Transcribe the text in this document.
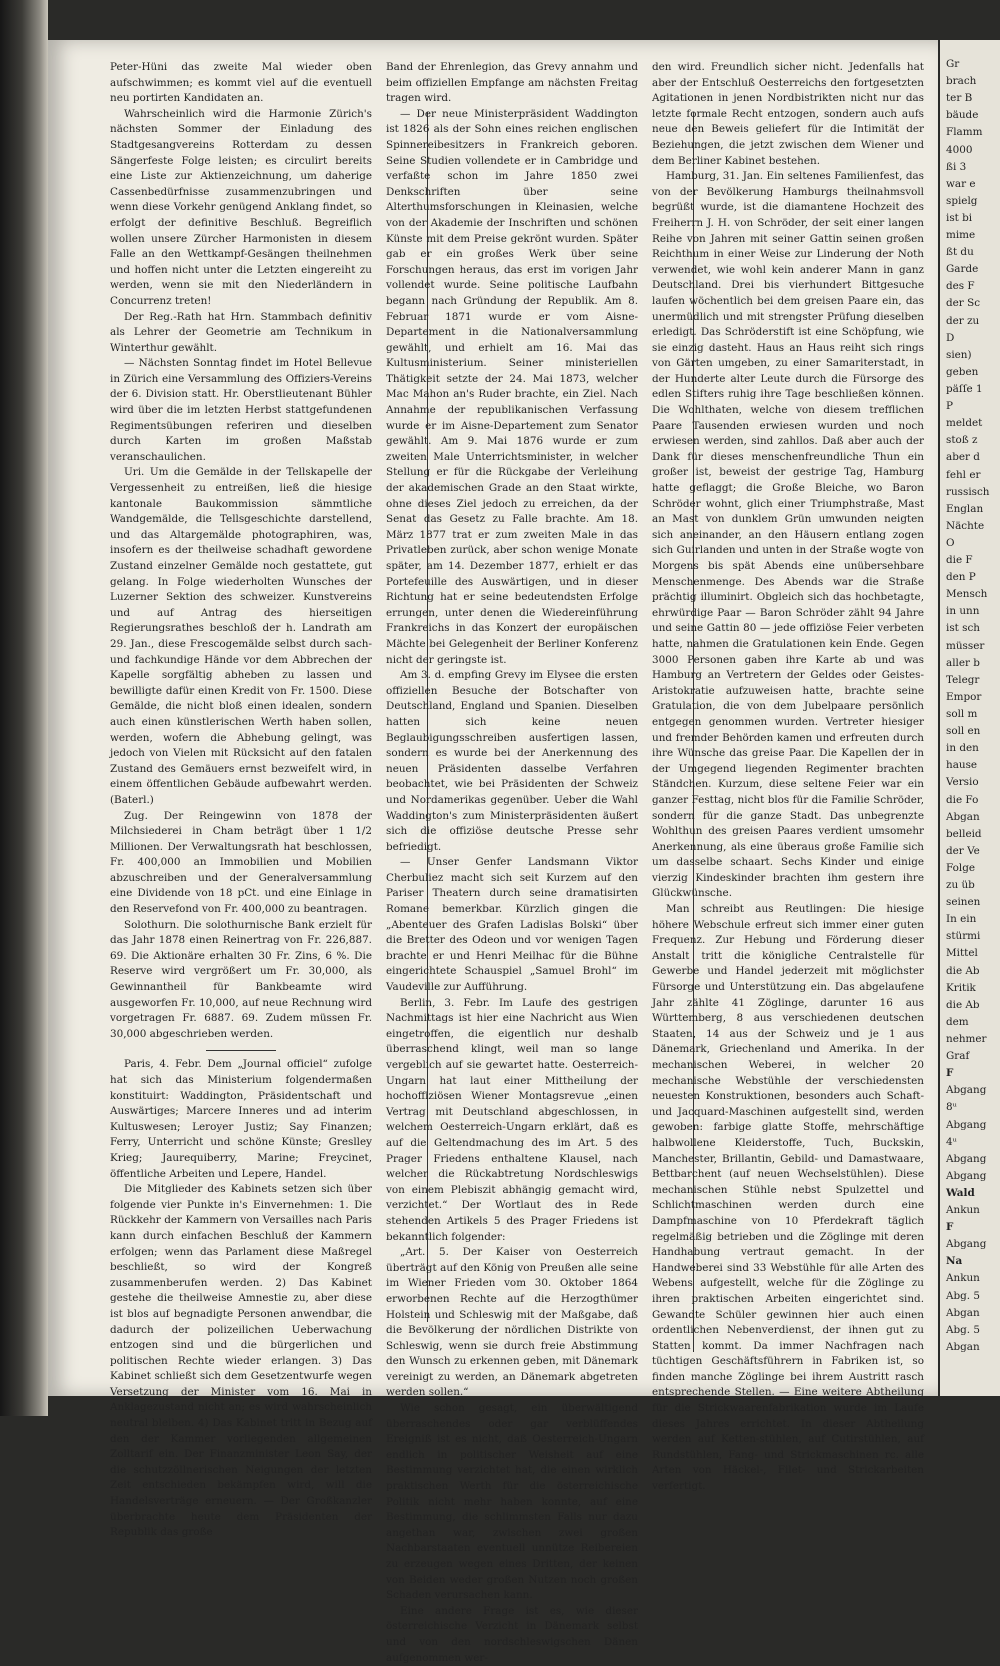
Peter-Hüni das zweite Mal wieder oben aufschwimmen; es kommt viel auf die eventuell neu portirten Kandidaten an.

Wahrscheinlich wird die Harmonie Zürich's nächsten Sommer der Einladung des Stadtgesangvereins Rotterdam zu dessen Sängerfeste Folge leisten; es circulirt bereits eine Liste zur Aktienzeichnung, um daherige Cassenbedürfnisse zusammenzubringen und wenn diese Vorkehr genügend Anklang findet, so erfolgt der definitive Beschluß. Begreiflich wollen unsere Zürcher Harmonisten in diesem Falle an den Wettkampf-Gesängen theilnehmen und hoffen nicht unter die Letzten eingereiht zu werden, wenn sie mit den Niederländern in Concurrenz treten!

Der Reg.-Rath hat Hrn. Stammbach definitiv als Lehrer der Geometrie am Technikum in Winterthur gewählt.

— Nächsten Sonntag findet im Hotel Bellevue in Zürich eine Versammlung des Offiziers-Vereins der 6. Division statt. Hr. Oberstlieutenant Bühler wird über die im letzten Herbst stattgefundenen Regimentsübungen referiren und dieselben durch Karten im großen Maßstab veranschaulichen.

Uri. Um die Gemälde in der Tellskapelle der Vergessenheit zu entreißen, ließ die hiesige kantonale Baukommission sämmtliche Wandgemälde, die Tellsgeschichte darstellend, und das Altargemälde photographiren, was, insofern es der theilweise schadhaft gewordene Zustand einzelner Gemälde noch gestattete, gut gelang. In Folge wiederholten Wunsches der Luzerner Sektion des schweizer. Kunstvereins und auf Antrag des hierseitigen Regierungsrathes beschloß der h. Landrath am 29. Jan., diese Frescogemälde selbst durch sach- und fachkundige Hände vor dem Abbrechen der Kapelle sorgfältig abheben zu lassen und bewilligte dafür einen Kredit von Fr. 1500. Diese Gemälde, die nicht bloß einen idealen, sondern auch einen künstlerischen Werth haben sollen, werden, wofern die Abhebung gelingt, was jedoch von Vielen mit Rücksicht auf den fatalen Zustand des Gemäuers ernst bezweifelt wird, in einem öffentlichen Gebäude aufbewahrt werden. (Baterl.)

Zug. Der Reingewinn von 1878 der Milchsiederei in Cham beträgt über 1 1/2 Millionen. Der Verwaltungsrath hat beschlossen, Fr. 400,000 an Immobilien und Mobilien abzuschreiben und der Generalversammlung eine Dividende von 18 pCt. und eine Einlage in den Reservefond von Fr. 400,000 zu beantragen.

Solothurn. Die solothurnische Bank erzielt für das Jahr 1878 einen Reinertrag von Fr. 226,887. 69. Die Aktionäre erhalten 30 Fr. Zins, 6 %. Die Reserve wird vergrößert um Fr. 30,000, als Gewinnantheil für Bankbeamte wird ausgeworfen Fr. 10,000, auf neue Rechnung wird vorgetragen Fr. 6887. 69. Zudem müssen Fr. 30,000 abgeschrieben werden.

Paris, 4. Febr. Dem „Journal officiel“ zufolge hat sich das Ministerium folgendermaßen konstituirt: Waddington, Präsidentschaft und Auswärtiges; Marcere Inneres und ad interim Kultuswesen; Leroyer Justiz; Say Finanzen; Ferry, Unterricht und schöne Künste; Greslley Krieg; Jaurequiberry, Marine; Freycinet, öffentliche Arbeiten und Lepere, Handel.

Die Mitglieder des Kabinets setzen sich über folgende vier Punkte in's Einvernehmen: 1. Die Rückkehr der Kammern von Versailles nach Paris kann durch einfachen Beschluß der Kammern erfolgen; wenn das Parlament diese Maßregel beschließt, so wird der Kongreß zusammenberufen werden. 2) Das Kabinet gestehe die theilweise Amnestie zu, aber diese ist blos auf begnadigte Personen anwendbar, die dadurch der polizeilichen Ueberwachung entzogen sind und die bürgerlichen und politischen Rechte wieder erlangen. 3) Das Kabinet schließt sich dem Gesetzentwurfe wegen Versetzung der Minister vom 16. Mai in Anklagezustand nicht an; es wird wahrscheinlich neutral bleiben. 4) Das Kabinet tritt in Bezug auf den der Kammer vorliegenden allgemeinen Zolltarif ein. Der Finanzminister Leon Say, der die schutzzöllnerischen Neigungen der letzten Zeit entschieden bekämpfen wird, will die Handelsverträge erneuern. — Der Großkanzler überbrachte heute dem Präsidenten der Republik das große

Band der Ehrenlegion, das Grevy annahm und beim offiziellen Empfange am nächsten Freitag tragen wird.

— Der neue Ministerpräsident Waddington ist 1826 als der Sohn eines reichen englischen Spinnereibesitzers in Frankreich geboren. Seine Studien vollendete er in Cambridge und verfaßte schon im Jahre 1850 zwei Denkschriften über seine Alterthumsforschungen in Kleinasien, welche von der Akademie der Inschriften und schönen Künste mit dem Preise gekrönt wurden. Später gab er ein großes Werk über seine Forschungen heraus, das erst im vorigen Jahr vollendet wurde. Seine politische Laufbahn begann nach Gründung der Republik. Am 8. Februar 1871 wurde er vom Aisne-Departement in die Nationalversammlung gewählt, und erhielt am 16. Mai das Kultusministerium. Seiner ministeriellen Thätigkeit setzte der 24. Mai 1873, welcher Mac Mahon an's Ruder brachte, ein Ziel. Nach Annahme der republikanischen Verfassung wurde er im Aisne-Departement zum Senator gewählt. Am 9. Mai 1876 wurde er zum zweiten Male Unterrichtsminister, in welcher Stellung er für die Rückgabe der Verleihung der akademischen Grade an den Staat wirkte, ohne dieses Ziel jedoch zu erreichen, da der Senat das Gesetz zu Falle brachte. Am 18. März 1877 trat er zum zweiten Male in das Privatleben zurück, aber schon wenige Monate später, am 14. Dezember 1877, erhielt er das Portefeuille des Auswärtigen, und in dieser Richtung hat er seine bedeutendsten Erfolge errungen, unter denen die Wiedereinführung Frankreichs in das Konzert der europäischen Mächte bei Gelegenheit der Berliner Konferenz nicht der geringste ist.

Am 3. d. empfing Grevy im Elysee die ersten offiziellen Besuche der Botschafter von Deutschland, England und Spanien. Dieselben hatten sich keine neuen Beglaubigungsschreiben ausfertigen lassen, sondern es wurde bei der Anerkennung des neuen Präsidenten dasselbe Verfahren beobachtet, wie bei Präsidenten der Schweiz und Nordamerikas gegenüber. Ueber die Wahl Waddington's zum Ministerpräsidenten äußert sich die offiziöse deutsche Presse sehr befriedigt.

— Unser Genfer Landsmann Viktor Cherbuliez macht sich seit Kurzem auf den Pariser Theatern durch seine dramatisirten Romane bemerkbar. Kürzlich gingen die „Abenteuer des Grafen Ladislas Bolski“ über die Bretter des Odeon und vor wenigen Tagen brachte er und Henri Meilhac für die Bühne eingerichtete Schauspiel „Samuel Brohl“ im Vaudeville zur Aufführung.

Berlin, 3. Febr. Im Laufe des gestrigen Nachmittags ist hier eine Nachricht aus Wien eingetroffen, die eigentlich nur deshalb überraschend klingt, weil man so lange vergeblich auf sie gewartet hatte. Oesterreich-Ungarn hat laut einer Mittheilung der hochoffiziösen Wiener Montagsrevue „einen Vertrag mit Deutschland abgeschlossen, in welchem Oesterreich-Ungarn erklärt, daß es auf die Geltendmachung des im Art. 5 des Prager Friedens enthaltene Klausel, nach welcher die Rückabtretung Nordschleswigs von einem Plebiszit abhängig gemacht wird, verzichtet.“ Der Wortlaut des in Rede stehenden Artikels 5 des Prager Friedens ist bekanntlich folgender:

„Art. 5. Der Kaiser von Oesterreich überträgt auf den König von Preußen alle seine im Wiener Frieden vom 30. Oktober 1864 erworbenen Rechte auf die Herzogthümer Holstein und Schleswig mit der Maßgabe, daß die Bevölkerung der nördlichen Distrikte von Schleswig, wenn sie durch freie Abstimmung den Wunsch zu erkennen geben, mit Dänemark vereinigt zu werden, an Dänemark abgetreten werden sollen.“

Wie schon gesagt, ein überwältigend überraschendes oder gar verblüffendes Ereigniß ist es nicht, daß Oesterreich-Ungarn endlich in politischer Weisheit auf eine Bestimmung verzichtet hat, die einen wirklich praktischen Werth für die österreichische Politik nicht mehr haben konnte, auf eine Bestimmung, die schlimmsten Falls nur dazu angethan war, zwischen zwei großen Nachbarstaaten eventuell unnütze Reibereien zu erzeugen wegen eines Dritten, der keinen von Beiden weder großen Nutzen noch großen Schaden verursachen kann.

Eine andere Frage ist es, wie dieser österreichische Verzicht in Dänemark selbst und von den nordschleswigschen Dänen aufgenommen wer-

den wird. Freundlich sicher nicht. Jedenfalls hat aber der Entschluß Oesterreichs den fortgesetzten Agitationen in jenen Nordbistrikten nicht nur das letzte formale Recht entzogen, sondern auch aufs neue den Beweis geliefert für die Intimität der Beziehungen, die jetzt zwischen dem Wiener und dem Berliner Kabinet bestehen.

Hamburg, 31. Jan. Ein seltenes Familienfest, das von der Bevölkerung Hamburgs theilnahmsvoll begrüßt wurde, ist die diamantene Hochzeit des Freiherrn J. H. von Schröder, der seit einer langen Reihe von Jahren mit seiner Gattin seinen großen Reichthum in einer Weise zur Linderung der Noth verwendet, wie wohl kein anderer Mann in ganz Deutschland. Drei bis vierhundert Bittgesuche laufen wöchentlich bei dem greisen Paare ein, das unermüdlich und mit strengster Prüfung dieselben erledigt. Das Schröderstift ist eine Schöpfung, wie sie einzig dasteht. Haus an Haus reiht sich rings von Gärten umgeben, zu einer Samariterstadt, in der Hunderte alter Leute durch die Fürsorge des edlen Stifters ruhig ihre Tage beschließen können. Die Wohlthaten, welche von diesem trefflichen Paare Tausenden erwiesen wurden und noch erwiesen werden, sind zahllos. Daß aber auch der Dank für dieses menschenfreundliche Thun ein großer ist, beweist der gestrige Tag, Hamburg hatte geflaggt; die Große Bleiche, wo Baron Schröder wohnt, glich einer Triumphstraße, Mast an Mast von dunklem Grün umwunden neigten sich aneinander, an den Häusern entlang zogen sich Guirlanden und unten in der Straße wogte von Morgens bis spät Abends eine unübersehbare Menschenmenge. Des Abends war die Straße prächtig illuminirt. Obgleich sich das hochbetagte, ehrwürdige Paar — Baron Schröder zählt 94 Jahre und seine Gattin 80 — jede offiziöse Feier verbeten hatte, nahmen die Gratulationen kein Ende. Gegen 3000 Personen gaben ihre Karte ab und was Hamburg an Vertretern der Geldes oder Geistes-Aristokratie aufzuweisen hatte, brachte seine Gratulation, die von dem Jubelpaare persönlich entgegen genommen wurden. Vertreter hiesiger und fremder Behörden kamen und erfreuten durch ihre Wünsche das greise Paar. Die Kapellen der in der Umgegend liegenden Regimenter brachten Ständchen. Kurzum, diese seltene Feier war ein ganzer Festtag, nicht blos für die Familie Schröder, sondern für die ganze Stadt. Das unbegrenzte Wohlthun des greisen Paares verdient umsomehr Anerkennung, als eine überaus große Familie sich um dasselbe schaart. Sechs Kinder und einige vierzig Kindeskinder brachten ihm gestern ihre Glückwünsche.

Man schreibt aus Reutlingen: Die hiesige höhere Webschule erfreut sich immer einer guten Frequenz. Zur Hebung und Förderung dieser Anstalt tritt die königliche Centralstelle für Gewerbe und Handel jederzeit mit möglichster Fürsorge und Unterstützung ein. Das abgelaufene Jahr zählte 41 Zöglinge, darunter 16 aus Württemberg, 8 aus verschiedenen deutschen Staaten, 14 aus der Schweiz und je 1 aus Dänemark, Griechenland und Amerika. In der mechanischen Weberei, in welcher 20 mechanische Webstühle der verschiedensten neuesten Konstruktionen, besonders auch Schaft- und Jacquard-Maschinen aufgestellt sind, werden gewoben: farbige glatte Stoffe, mehrschäftige halbwollene Kleiderstoffe, Tuch, Buckskin, Manchester, Brillantin, Gebild- und Damastwaare, Bettbarchent (auf neuen Wechselstühlen). Diese mechanischen Stühle nebst Spulzettel und Schlichtmaschinen werden durch eine Dampfmaschine von 10 Pferdekraft täglich regelmäßig betrieben und die Zöglinge mit deren Handhabung vertraut gemacht. In der Handweberei sind 33 Webstühle für alle Arten des Webens aufgestellt, welche für die Zöglinge zu ihren praktischen Arbeiten eingerichtet sind. Gewandte Schüler gewinnen hier auch einen ordentlichen Nebenverdienst, der ihnen gut zu Statten kommt. Da immer Nachfragen nach tüchtigen Geschäftsführern in Fabriken ist, so finden manche Zöglinge bei ihrem Austritt rasch entsprechende Stellen. — Eine weitere Abtheilung für die Strickwaarenfabrikation wurde im Laufe dieses Jahres errichtet. In dieser Abtheilung werden auf Ketten-stühlen, auf Cutirstühlen, auf Rundstühlen, Fang- und Strickmaschinen rc. alle Arten von Häckel-, Filet- und Strickarbeiten verfertigt.

Gr
brach
ter B
bäude
Flamm
4000
ßi 3
war e
spielg
ist bi
mime
ßt du
Garde
des F
der Sc
der zu
D
sien)
geben
päſſe 1
P
meldet
stoß z
aber d
fehl er
russisch
Englan
Nächte
O
die F
den P
Mensch
in unn
ist sch
müsser
aller b
Telegr
Empor
soll m
soll en
in den
hause
Versio
die Fo
Abgan
belleid
der Ve
Folge
zu üb
seinen
In ein
stürmi
Mittel
die Ab
Kritik
die Ab
dem
nehmer
Graf
F
Abgang
8ᵘ
Abgang
4ᵘ
Abgang
Abgang
Wald
Ankun
F
Abgang
Na
Ankun
Abg. 5
Abgan
Abg. 5
Abgan
